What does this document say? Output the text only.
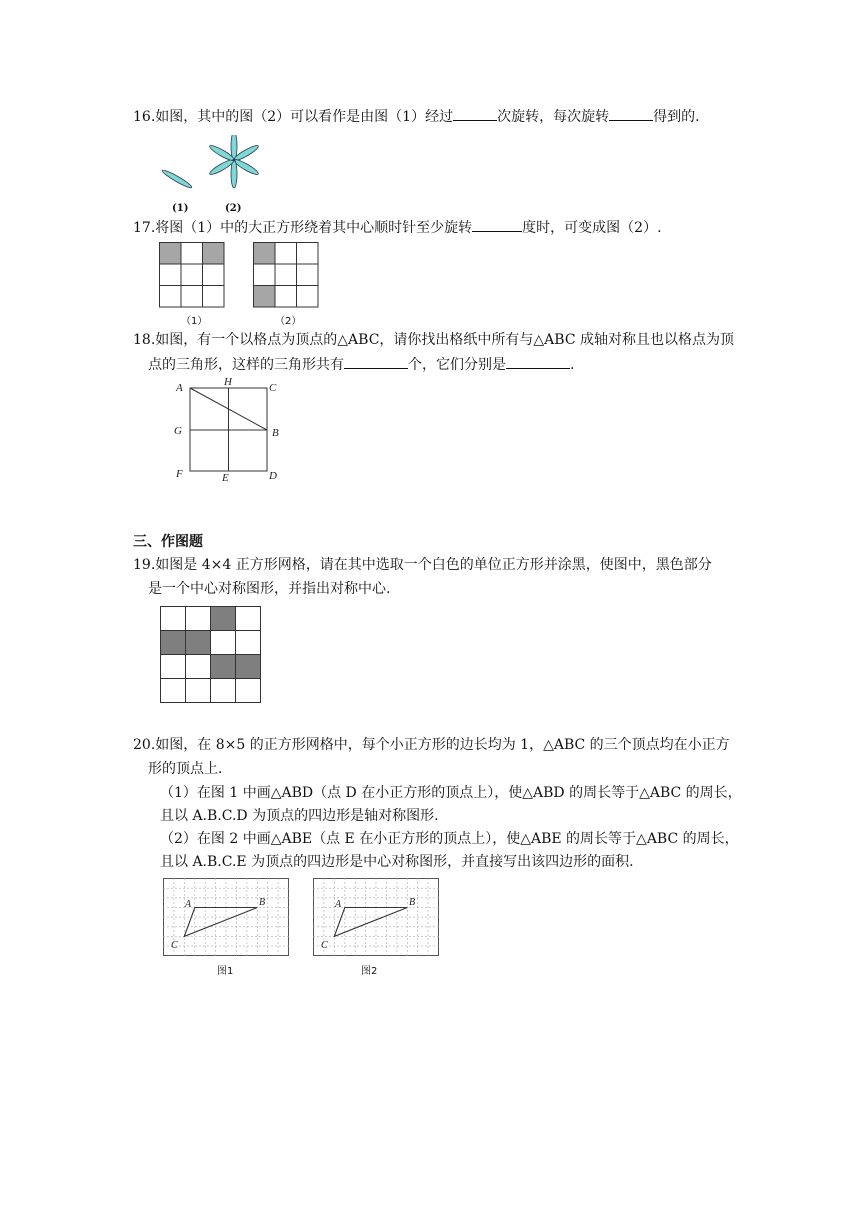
16.如图，其中的图（2）可以看作是由图（1）经过	次旋转，每次旋转	得到的.
(1)	(2)
17.将图（1）中的大正方形绕着其中心顺时针至少旋转	度时，可变成图（2）.
（1）	（2）
18.如图，有一个以格点为顶点的△ABC，请你找出格纸中所有与△ABC 成轴对称且也以格点为顶
点的三角形，这样的三角形共有	个，它们分别是	.
A	H	C
G	B
F	E	D
三、作图题
19.如图是 4×4 正方形网格，请在其中选取一个白色的单位正方形并涂黑，使图中，黑色部分
是一个中心对称图形，并指出对称中心.
20.如图，在 8×5 的正方形网格中，每个小正方形的边长均为 1，△ABC 的三个顶点均在小正方
形的顶点上.
（1）在图 1 中画△ABD（点 D 在小正方形的顶点上），使△ABD 的周长等于△ABC 的周长，
且以 A.B.C.D 为顶点的四边形是轴对称图形.
（2）在图 2 中画△ABE（点 E 在小正方形的顶点上），使△ABE 的周长等于△ABC 的周长，
且以 A.B.C.E 为顶点的四边形是中心对称图形，并直接写出该四边形的面积.
A	B
C
图1
A	B
C
图2
